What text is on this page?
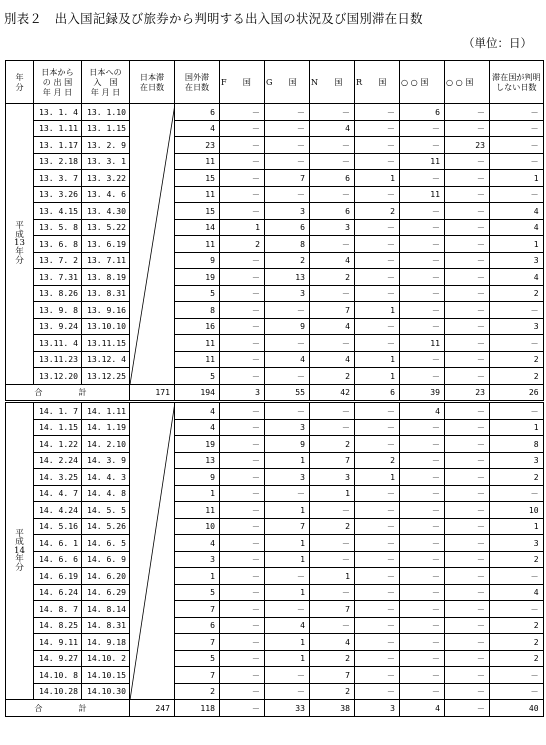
別表２　出入国記録及び旅券から判明する出入国の状況及び国別滞在日数
（単位：日）
年
分	日本から
の 出 国
年 月 日	日本への
入　国
年 月 日	日本滞
在日数	国外滞
在日数	F　　国	G　　国	N　　国	R　　国	○ ○ 国	○ ○ 国	滞在国が判明
しない日数
平
成
13
年
分	13. 1. 4	13. 1.10		6	－	－	－	－	6	－	－
	13. 1.11	13. 1.15		4	－	－	4	－	－	－	－
	13. 1.17	13. 2. 9		23	－	－	－	－	－	23	－
	13. 2.18	13. 3. 1		11	－	－	－	－	11	－	－
	13. 3. 7	13. 3.22		15	－	7	6	1	－	－	1
	13. 3.26	13. 4. 6		11	－	－	－	－	11	－	－
	13. 4.15	13. 4.30		15	－	3	6	2	－	－	4
	13. 5. 8	13. 5.22		14	1	6	3	－	－	－	4
	13. 6. 8	13. 6.19		11	2	8	－	－	－	－	1
	13. 7. 2	13. 7.11		9	－	2	4	－	－	－	3
	13. 7.31	13. 8.19		19	－	13	2	－	－	－	4
	13. 8.26	13. 8.31		5	－	3	－	－	－	－	2
	13. 9. 8	13. 9.16		8	－	－	7	1	－	－	－
	13. 9.24	13.10.10		16	－	9	4	－	－	－	3
	13.11. 4	13.11.15		11	－	－	－	－	11	－	－
	13.11.23	13.12. 4		11	－	4	4	1	－	－	2
	13.12.20	13.12.25		5	－	－	2	1	－	－	2
合　計			171	194	3	55	42	6	39	23	26
平
成
14
年
分	14. 1. 7	14. 1.11		4	－	－	－	－	4	－	－
	14. 1.15	14. 1.19		4	－	3	－	－	－	－	1
	14. 1.22	14. 2.10		19	－	9	2	－	－	－	8
	14. 2.24	14. 3. 9		13	－	1	7	2	－	－	3
	14. 3.25	14. 4. 3		9	－	3	3	1	－	－	2
	14. 4. 7	14. 4. 8		1	－	－	1	－	－	－	－
	14. 4.24	14. 5. 5		11	－	1	－	－	－	－	10
	14. 5.16	14. 5.26		10	－	7	2	－	－	－	1
	14. 6. 1	14. 6. 5		4	－	1	－	－	－	－	3
	14. 6. 6	14. 6. 9		3	－	1	－	－	－	－	2
	14. 6.19	14. 6.20		1	－	－	1	－	－	－	－
	14. 6.24	14. 6.29		5	－	1	－	－	－	－	4
	14. 8. 7	14. 8.14		7	－	－	7	－	－	－	－
	14. 8.25	14. 8.31		6	－	4	－	－	－	－	2
	14. 9.11	14. 9.18		7	－	1	4	－	－	－	2
	14. 9.27	14.10. 2		5	－	1	2	－	－	－	2
	14.10. 8	14.10.15		7	－	－	7	－	－	－	－
	14.10.28	14.10.30		2	－	－	2	－	－	－	－
合　計			247	118	－	33	38	3	4	－	40
